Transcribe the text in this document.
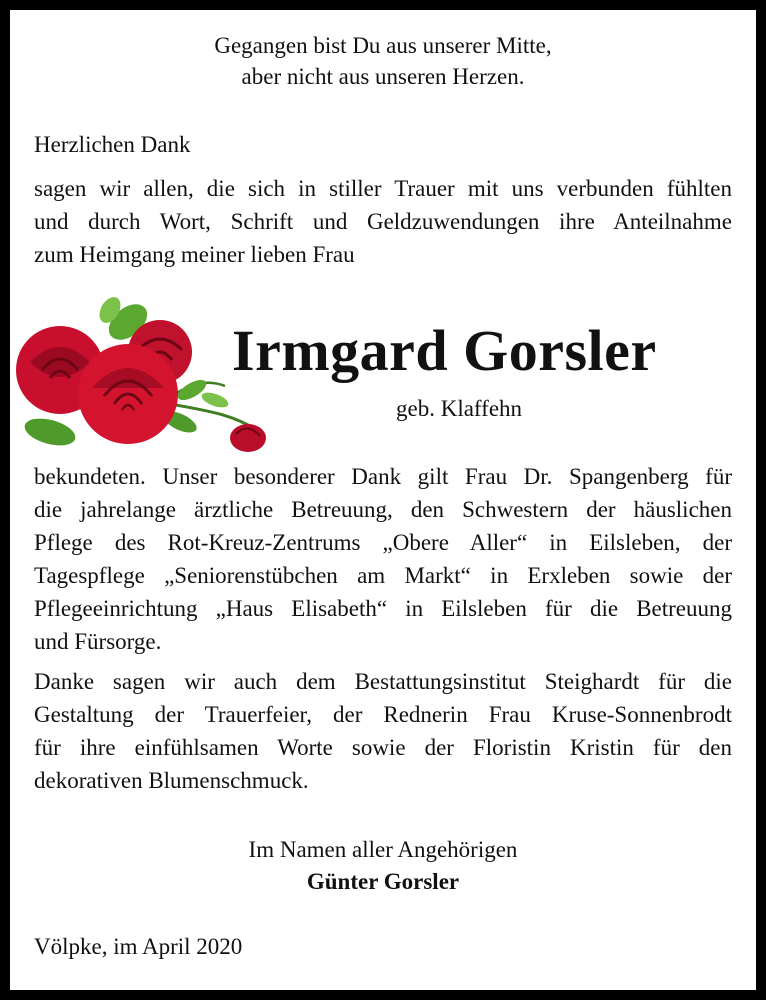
Gegangen bist Du aus unserer Mitte,
aber nicht aus unseren Herzen.
Herzlichen Dank
sagen wir allen, die sich in stiller Trauer mit uns verbunden fühlten
und durch Wort, Schrift und Geldzuwendungen ihre Anteilnahme
zum Heimgang meiner lieben Frau
Irmgard Gorsler
geb. Klaffehn
bekundeten. Unser besonderer Dank gilt Frau Dr. Spangenberg für
die jahrelange ärztliche Betreuung, den Schwestern der häuslichen
Pflege des Rot-Kreuz-Zentrums „Obere Aller“ in Eilsleben, der
Tagespflege „Seniorenstübchen am Markt“ in Erxleben sowie der
Pflegeeinrichtung „Haus Elisabeth“ in Eilsleben für die Betreuung
und Fürsorge.
Danke sagen wir auch dem Bestattungsinstitut Steighardt für die
Gestaltung der Trauerfeier, der Rednerin Frau Kruse-Sonnenbrodt
für ihre einfühlsamen Worte sowie der Floristin Kristin für den
dekorativen Blumenschmuck.
Im Namen aller Angehörigen
Günter Gorsler
Völpke, im April 2020
